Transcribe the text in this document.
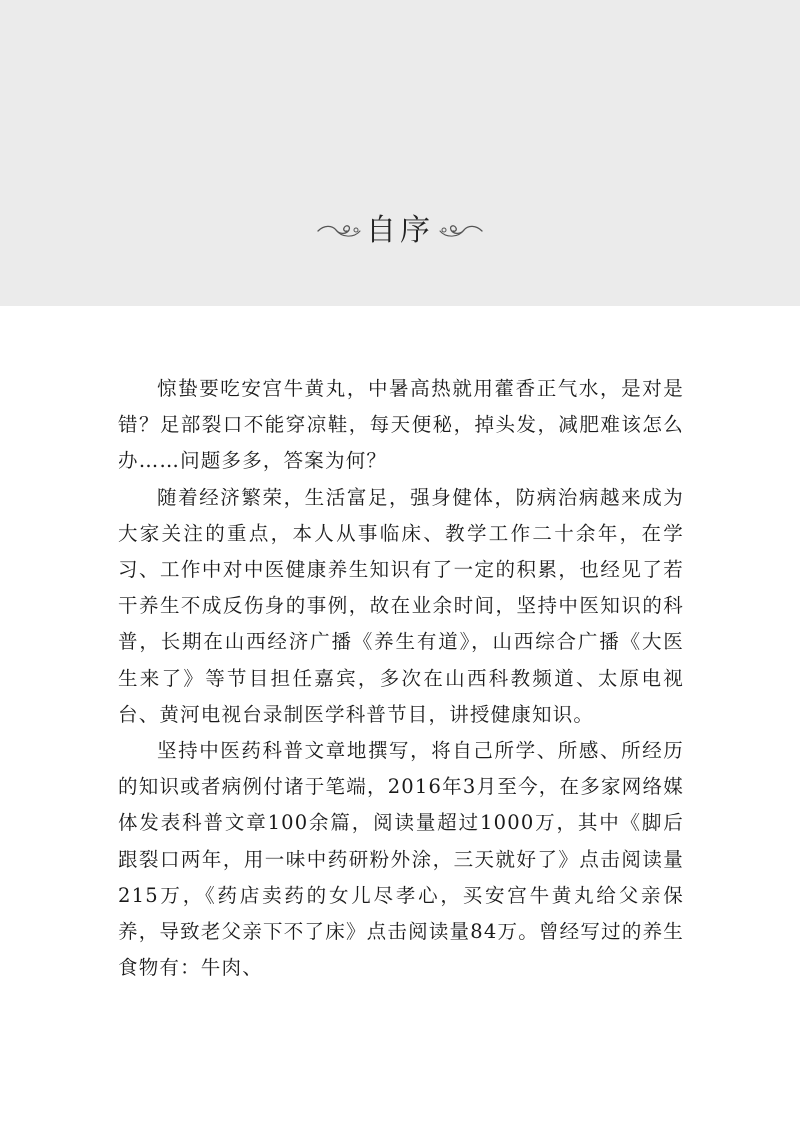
自序

惊蛰要吃安宫牛黄丸，中暑高热就用藿香正气水，是对是错？足部裂口不能穿凉鞋，每天便秘，掉头发，减肥难该怎么办……问题多多，答案为何？

随着经济繁荣，生活富足，强身健体，防病治病越来成为大家关注的重点，本人从事临床、教学工作二十余年，在学习、工作中对中医健康养生知识有了一定的积累，也经见了若干养生不成反伤身的事例，故在业余时间，坚持中医知识的科普，长期在山西经济广播《养生有道》，山西综合广播《大医生来了》等节目担任嘉宾，多次在山西科教频道、太原电视台、黄河电视台录制医学科普节目，讲授健康知识。

坚持中医药科普文章地撰写，将自己所学、所感、所经历的知识或者病例付诸于笔端，2016年3月至今，在多家网络媒体发表科普文章100余篇，阅读量超过1000万，其中《脚后跟裂口两年，用一味中药研粉外涂，三天就好了》点击阅读量215万，《药店卖药的女儿尽孝心，买安宫牛黄丸给父亲保养，导致老父亲下不了床》点击阅读量84万。曾经写过的养生食物有：牛肉、
